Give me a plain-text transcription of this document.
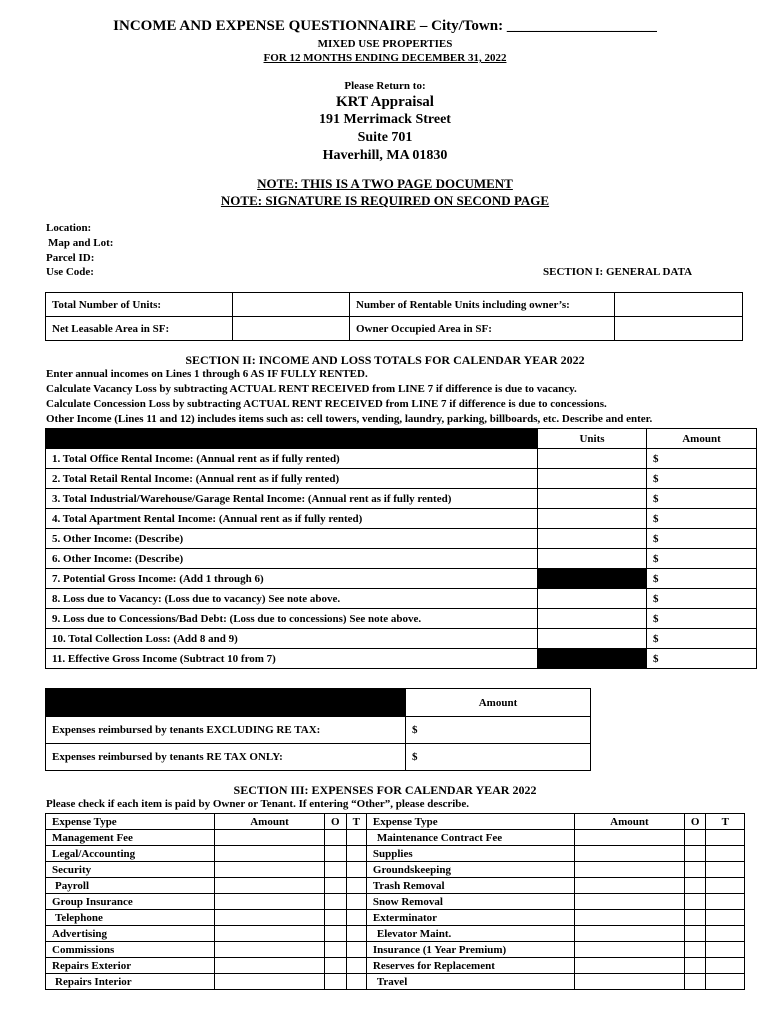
INCOME AND EXPENSE QUESTIONNAIRE – City/Town: ____________________
MIXED USE PROPERTIES
FOR 12 MONTHS ENDING DECEMBER 31, 2022
Please Return to:
KRT Appraisal
191 Merrimack Street
Suite 701
Haverhill, MA 01830
NOTE: THIS IS A TWO PAGE DOCUMENT
NOTE: SIGNATURE IS REQUIRED ON SECOND PAGE
Location:
Map and Lot:
Parcel ID:
Use Code:	SECTION I: GENERAL DATA
Total Number of Units:		Number of Rentable Units including owner’s:	
Net Leasable Area in SF:		Owner Occupied Area in SF:	
SECTION II: INCOME AND LOSS TOTALS FOR CALENDAR YEAR 2022
Enter annual incomes on Lines 1 through 6 AS IF FULLY RENTED.
Calculate Vacancy Loss by subtracting ACTUAL RENT RECEIVED from LINE 7 if difference is due to vacancy.
Calculate Concession Loss by subtracting ACTUAL RENT RECEIVED from LINE 7 if difference is due to concessions.
Other Income (Lines 11 and 12) includes items such as: cell towers, vending, laundry, parking, billboards, etc. Describe and enter.
	Units	Amount
1. Total Office Rental Income: (Annual rent as if fully rented)		$
2. Total Retail Rental Income: (Annual rent as if fully rented)		$
3. Total Industrial/Warehouse/Garage Rental Income: (Annual rent as if fully rented)		$
4. Total Apartment Rental Income: (Annual rent as if fully rented)		$
5. Other Income: (Describe)		$
6. Other Income: (Describe)		$
7. Potential Gross Income: (Add 1 through 6)		$
8. Loss due to Vacancy: (Loss due to vacancy) See note above.		$
9. Loss due to Concessions/Bad Debt: (Loss due to concessions) See note above.		$
10. Total Collection Loss: (Add 8 and 9)		$
11. Effective Gross Income (Subtract 10 from 7)		$
	Amount
Expenses reimbursed by tenants EXCLUDING RE TAX:	$
Expenses reimbursed by tenants RE TAX ONLY:	$
SECTION III: EXPENSES FOR CALENDAR YEAR 2022
Please check if each item is paid by Owner or Tenant. If entering “Other”, please describe.
Expense Type	Amount	O	T	Expense Type	Amount	O	T
Management Fee				Maintenance Contract Fee			
Legal/Accounting				Supplies			
Security				Groundskeeping			
Payroll				Trash Removal			
Group Insurance				Snow Removal			
Telephone				Exterminator			
Advertising				Elevator Maint.			
Commissions				Insurance (1 Year Premium)			
Repairs Exterior				Reserves for Replacement			
Repairs Interior				Travel			
